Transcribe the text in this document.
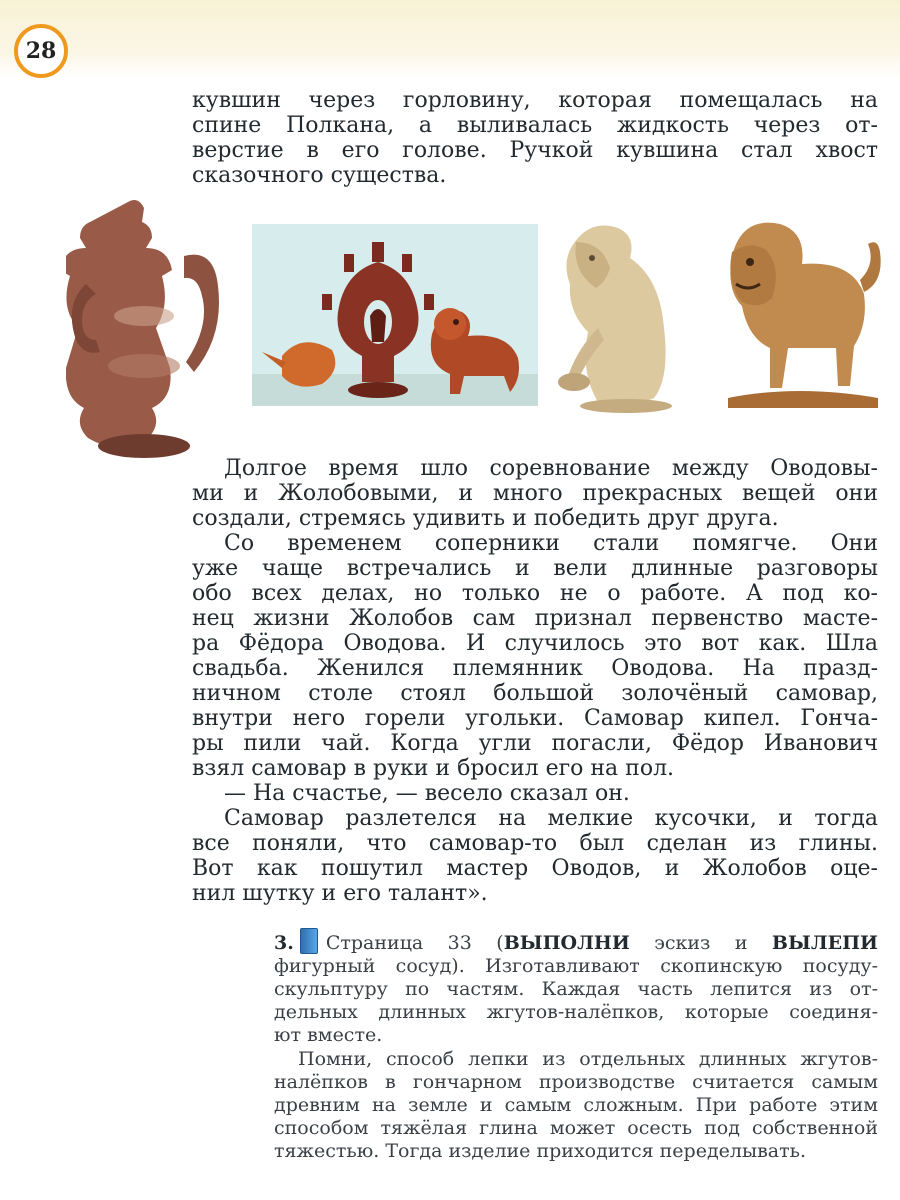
28
кувшин через горловину, которая помещалась на
спине Полкана, а выливалась жидкость через от-
верстие в его голове. Ручкой кувшина стал хвост
сказочного существа.
Долгое время шло соревнование между Оводовы-
ми и Жолобовыми, и много прекрасных вещей они
создали, стремясь удивить и победить друг друга.
Со временем соперники стали помягче. Они
уже чаще встречались и вели длинные разговоры
обо всех делах, но только не о работе. А под ко-
нец жизни Жолобов сам признал первенство масте-
ра Фёдора Оводова. И случилось это вот как. Шла
свадьба. Женился племянник Оводова. На празд-
ничном столе стоял большой золочёный самовар,
внутри него горели угольки. Самовар кипел. Гонча-
ры пили чай. Когда угли погасли, Фёдор Иванович
взял самовар в руки и бросил его на пол.
— На счастье, — весело сказал он.
Самовар разлетелся на мелкие кусочки, и тогда
все поняли, что самовар-то был сделан из глины.
Вот как пошутил мастер Оводов, и Жолобов оце-
нил шутку и его талант».
3. Страница 33 (ВЫПОЛНИ эскиз и ВЫЛЕПИ
фигурный сосуд). Изготавливают скопинскую посуду-
скульптуру по частям. Каждая часть лепится из от-
дельных длинных жгутов-налёпков, которые соединя-
ют вместе.
Помни, способ лепки из отдельных длинных жгутов-
налёпков в гончарном производстве считается самым
древним на земле и самым сложным. При работе этим
способом тяжёлая глина может осесть под собственной
тяжестью. Тогда изделие приходится переделывать.
